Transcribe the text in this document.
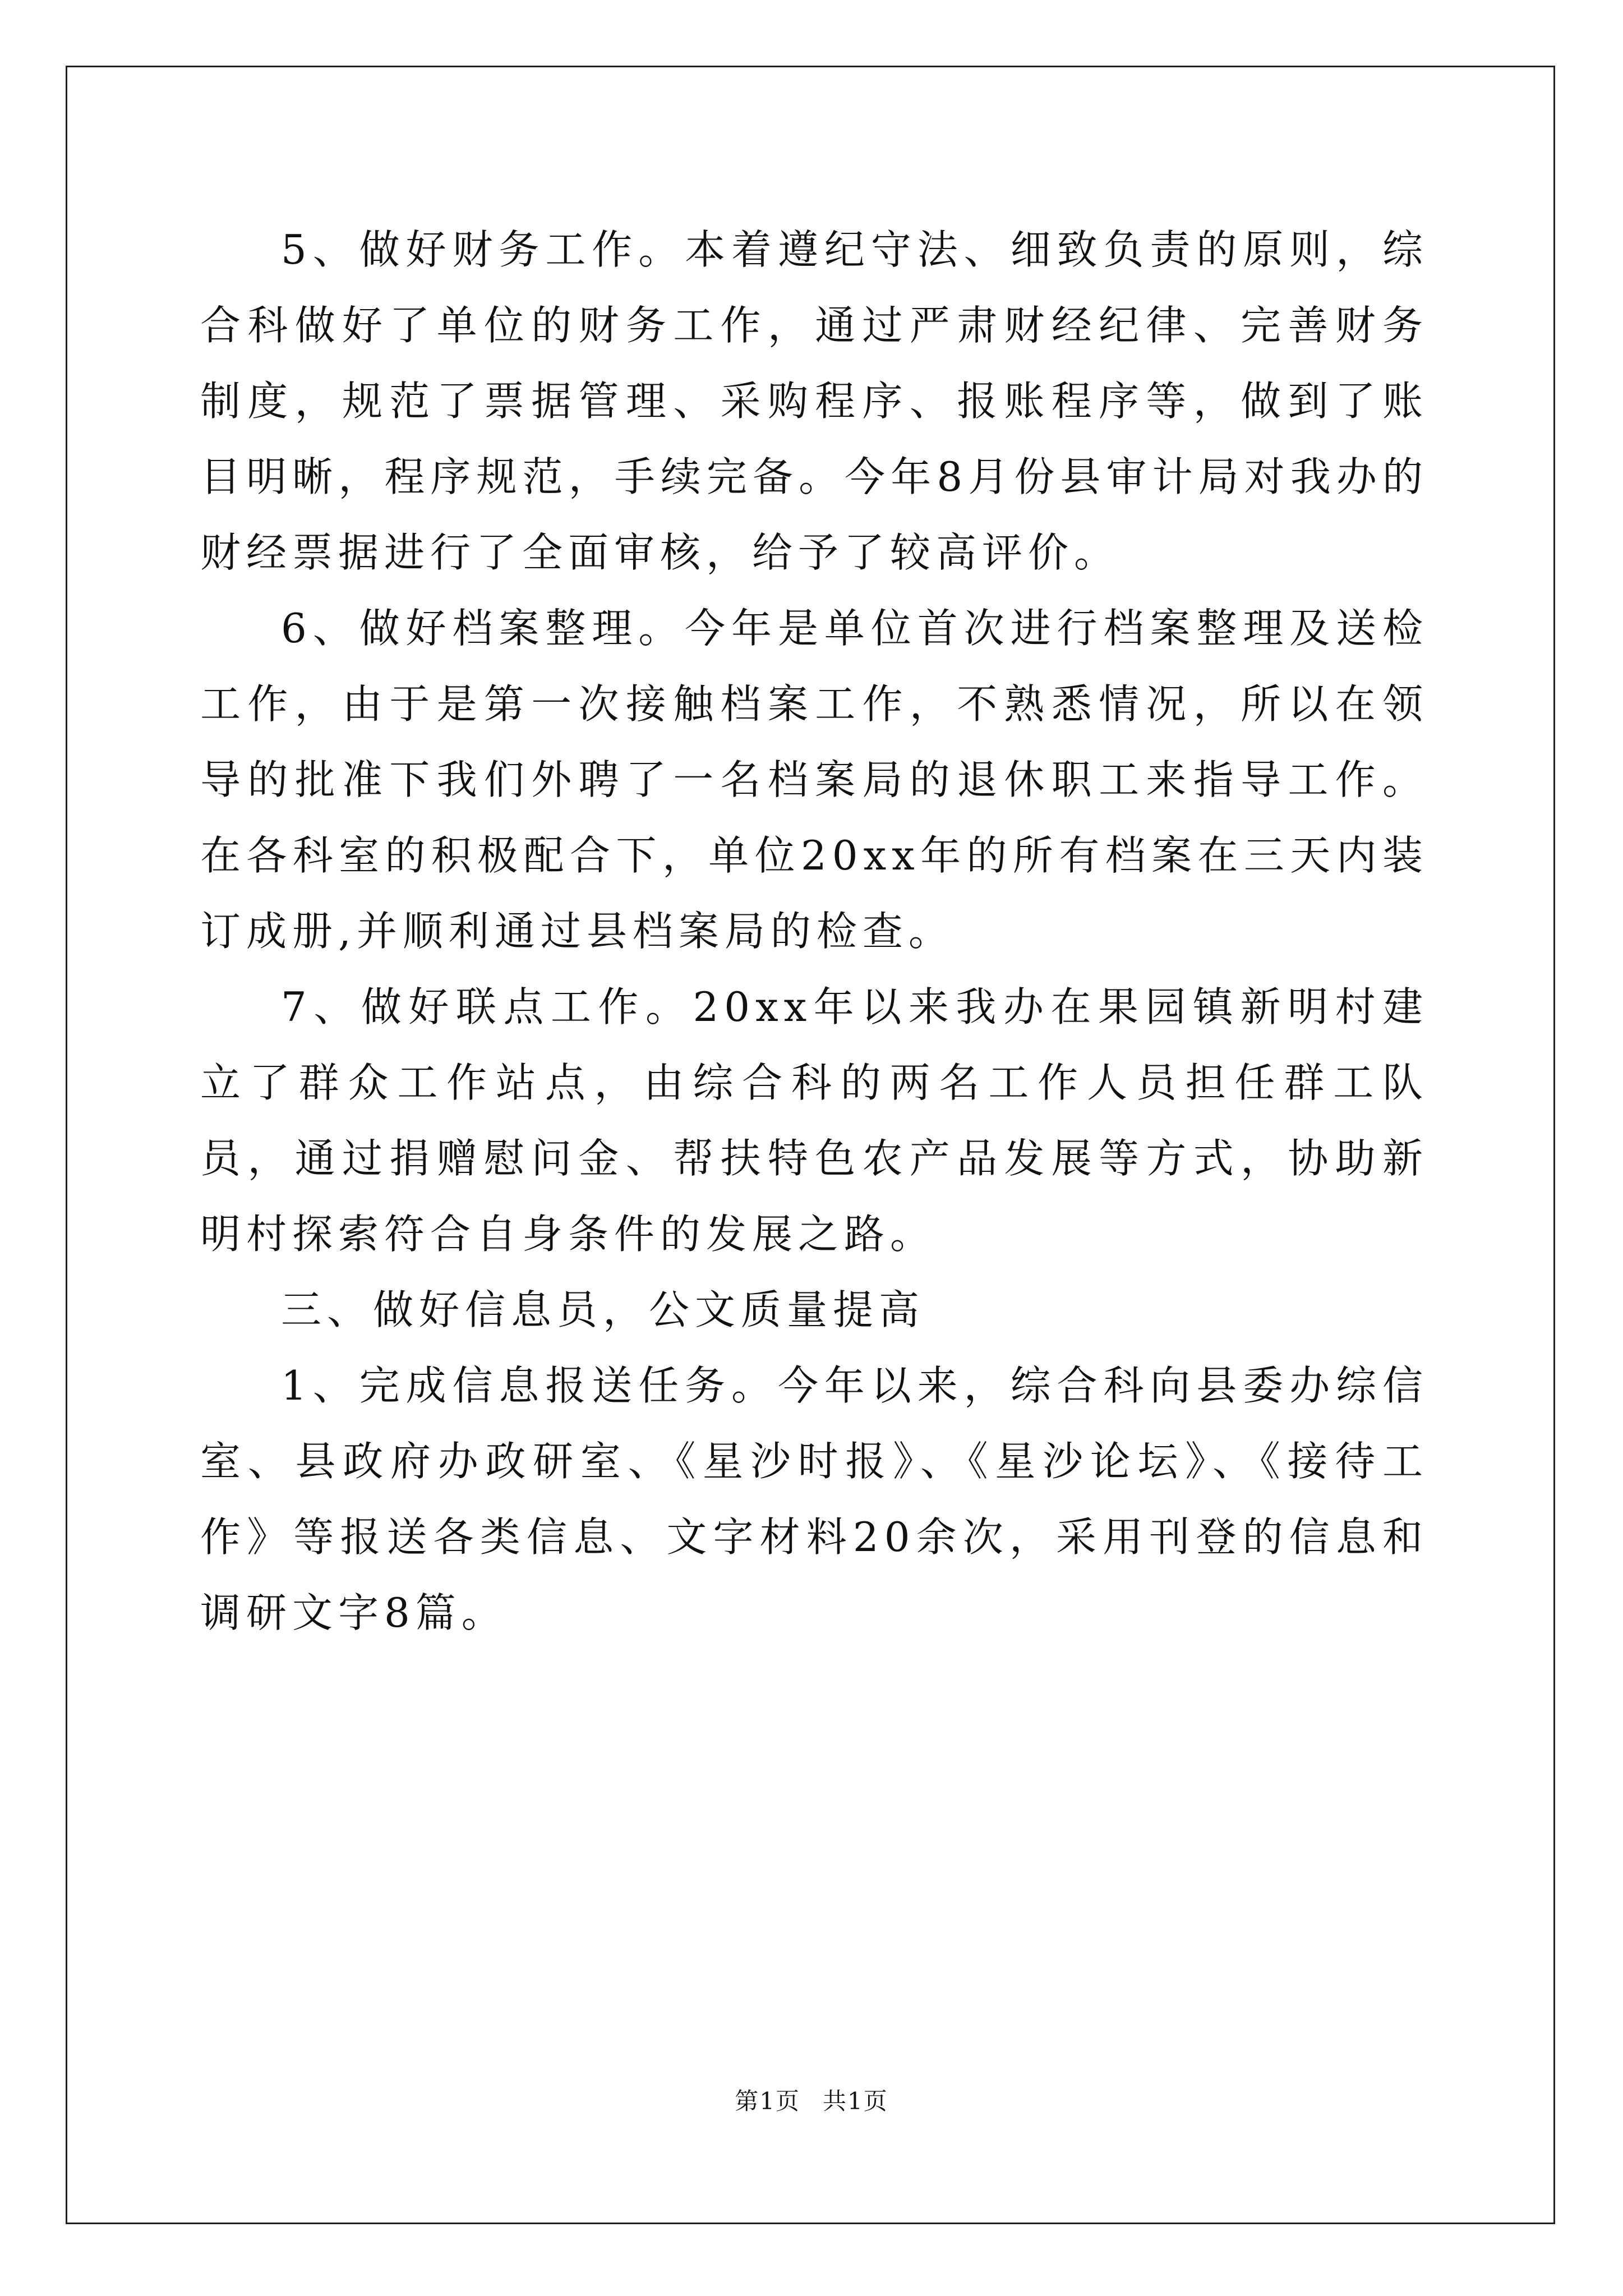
5、做好财务工作。本着遵纪守法、细致负责的原则，综合科做好了单位的财务工作，通过严肃财经纪律、完善财务制度，规范了票据管理、采购程序、报账程序等，做到了账目明晰，程序规范，手续完备。今年8月份县审计局对我办的财经票据进行了全面审核，给予了较高评价。

6、做好档案整理。今年是单位首次进行档案整理及送检工作，由于是第一次接触档案工作，不熟悉情况，所以在领导的批准下我们外聘了一名档案局的退休职工来指导工作。在各科室的积极配合下，单位20xx年的所有档案在三天内装订成册,并顺利通过县档案局的检查。

7、做好联点工作。20xx年以来我办在果园镇新明村建立了群众工作站点，由综合科的两名工作人员担任群工队员，通过捐赠慰问金、帮扶特色农产品发展等方式，协助新明村探索符合自身条件的发展之路。

三、做好信息员，公文质量提高

1、完成信息报送任务。今年以来，综合科向县委办综信室、县政府办政研室、《星沙时报》、《星沙论坛》、《接待工作》等报送各类信息、文字材料20余次，采用刊登的信息和调研文字8篇。

第1页 共1页
